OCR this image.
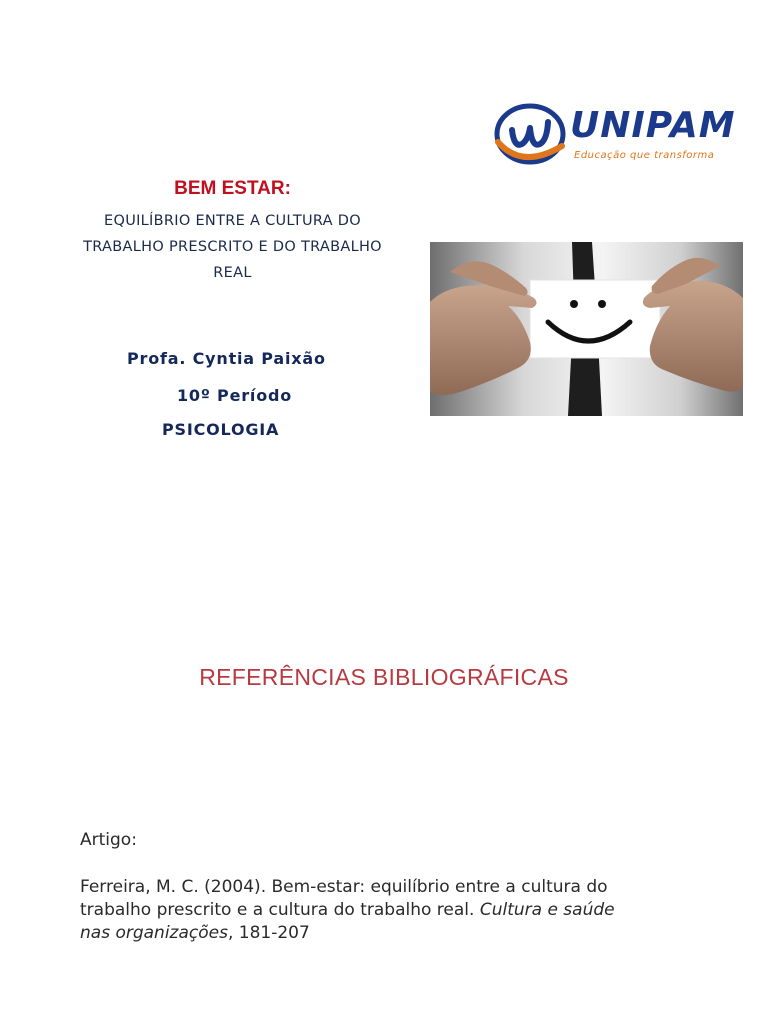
UNIPAM
Educação que transforma
BEM ESTAR:

EQUILÍBRIO ENTRE A CULTURA DO
TRABALHO PRESCRITO E DO TRABALHO
REAL

Profa. Cyntia Paixão
10º Período
PSICOLOGIA
REFERÊNCIAS BIBLIOGRÁFICAS
Artigo:
Ferreira, M. C. (2004). Bem-estar: equilíbrio entre a cultura do trabalho prescrito e a cultura do trabalho real. Cultura e saúde nas organizações, 181-207
